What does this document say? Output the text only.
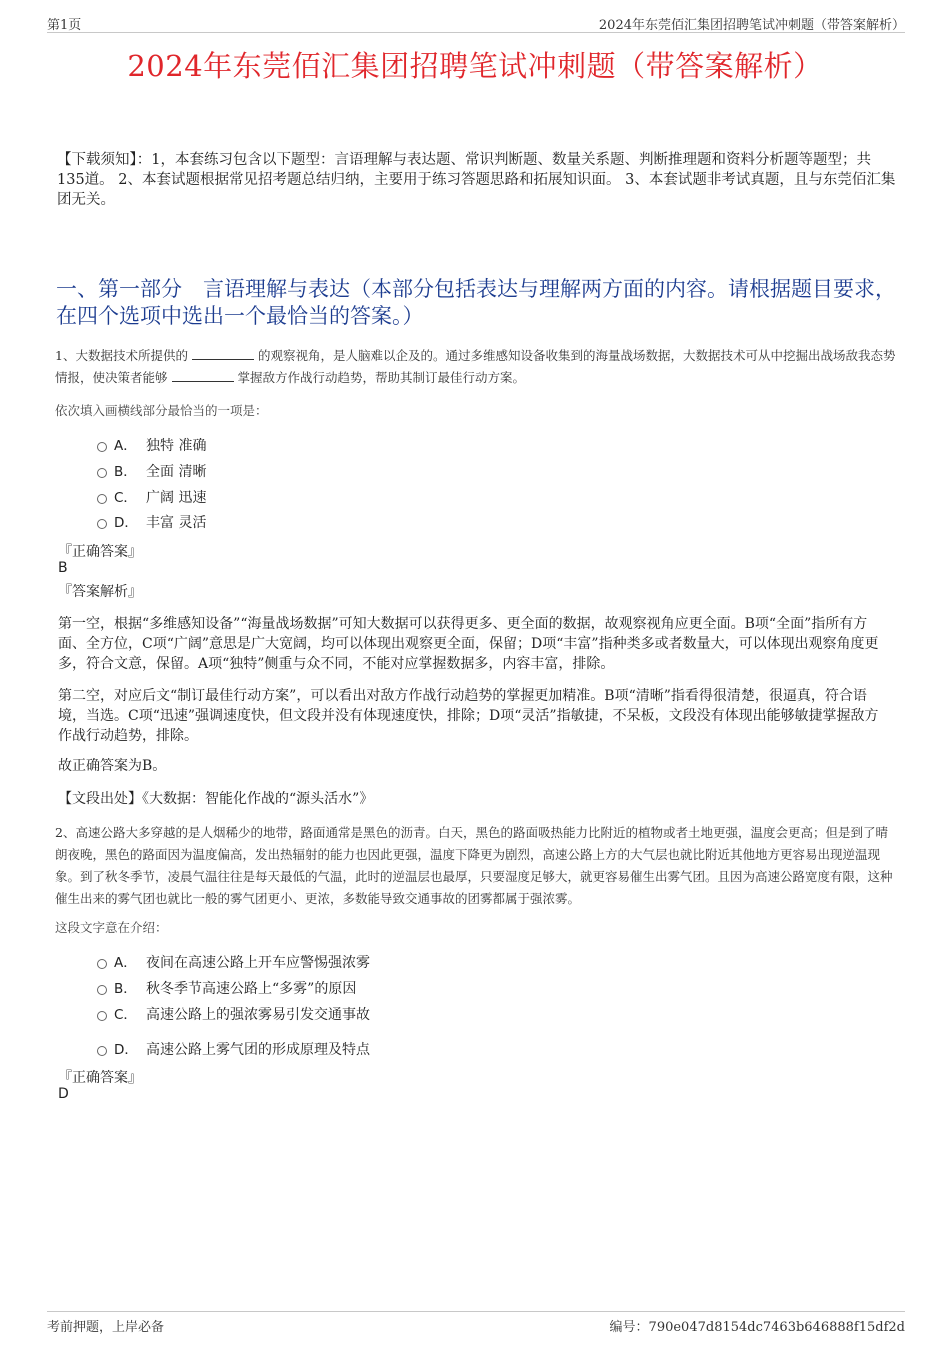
第1页	2024年东莞佰汇集团招聘笔试冲刺题（带答案解析）
2024年东莞佰汇集团招聘笔试冲刺题（带答案解析）
【下载须知】：1，本套练习包含以下题型：言语理解与表达题、常识判断题、数量关系题、判断推理题和资料分析题等题型；共135道。 2、本套试题根据常见招考题总结归纳，主要用于练习答题思路和拓展知识面。 3、本套试题非考试真题，且与东莞佰汇集团无关。
一、第一部分　言语理解与表达（本部分包括表达与理解两方面的内容。请根据题目要求，在四个选项中选出一个最恰当的答案。）
1、大数据技术所提供的	的观察视角，是人脑难以企及的。通过多维感知设备收集到的海量战场数据，大数据技术可从中挖掘出战场敌我态势情报，使决策者能够	掌握敌方作战行动趋势，帮助其制订最佳行动方案。
依次填入画横线部分最恰当的一项是：
A． 独特 准确
B． 全面 清晰
C． 广阔 迅速
D． 丰富 灵活
『正确答案』
B
『答案解析』
第一空，根据“多维感知设备”“海量战场数据”可知大数据可以获得更多、更全面的数据，故观察视角应更全面。B项“全面”指所有方面、全方位，C项“广阔”意思是广大宽阔，均可以体现出观察更全面，保留；D项“丰富”指种类多或者数量大，可以体现出观察角度更多，符合文意，保留。A项“独特”侧重与众不同，不能对应掌握数据多，内容丰富，排除。
第二空，对应后文“制订最佳行动方案”，可以看出对敌方作战行动趋势的掌握更加精准。B项“清晰”指看得很清楚，很逼真，符合语境，当选。C项“迅速”强调速度快，但文段并没有体现速度快，排除；D项“灵活”指敏捷，不呆板，文段没有体现出能够敏捷掌握敌方作战行动趋势，排除。
故正确答案为B。
【文段出处】《大数据：智能化作战的“源头活水”》
2、高速公路大多穿越的是人烟稀少的地带，路面通常是黑色的沥青。白天，黑色的路面吸热能力比附近的植物或者土地更强，温度会更高；但是到了晴朗夜晚，黑色的路面因为温度偏高，发出热辐射的能力也因此更强，温度下降更为剧烈，高速公路上方的大气层也就比附近其他地方更容易出现逆温现象。到了秋冬季节，凌晨气温往往是每天最低的气温，此时的逆温层也最厚，只要湿度足够大，就更容易催生出雾气团。且因为高速公路宽度有限，这种催生出来的雾气团也就比一般的雾气团更小、更浓，多数能导致交通事故的团雾都属于强浓雾。
这段文字意在介绍：
A． 夜间在高速公路上开车应警惕强浓雾
B． 秋冬季节高速公路上“多雾”的原因
C． 高速公路上的强浓雾易引发交通事故
D． 高速公路上雾气团的形成原理及特点
『正确答案』
D
考前押题，上岸必备	编号：790e047d8154dc7463b646888f15df2d
